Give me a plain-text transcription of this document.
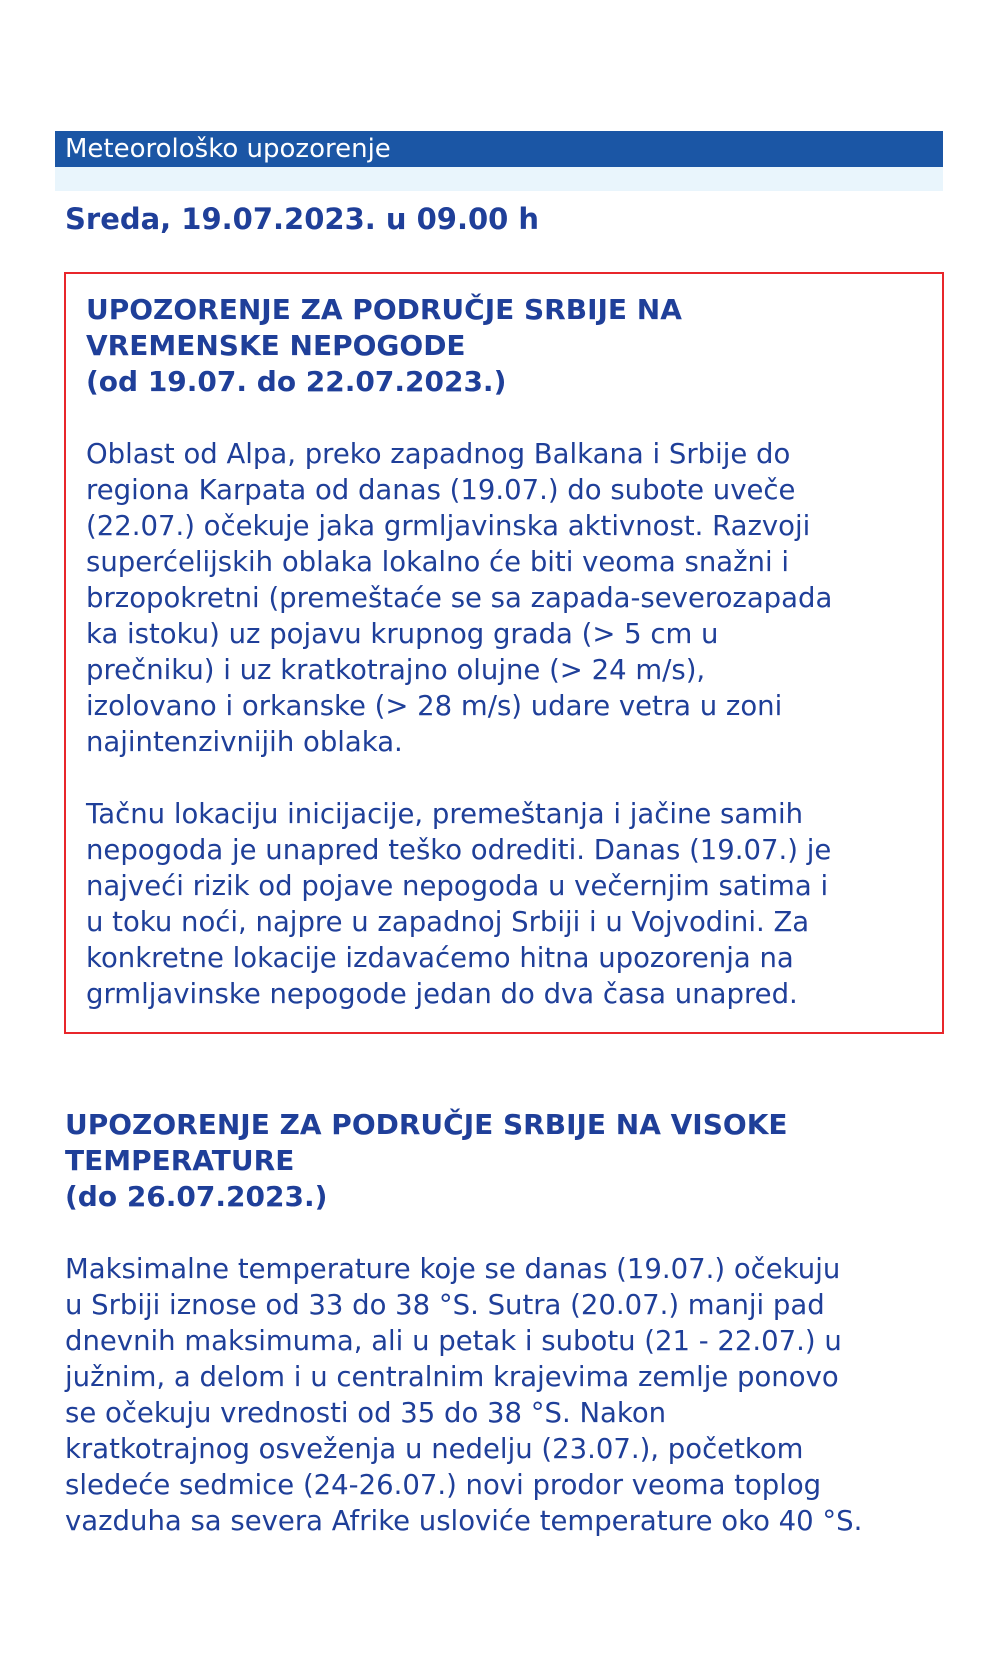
Meteorološko upozorenje
Sreda, 19.07.2023. u 09.00 h
UPOZORENJE ZA PODRUČJE SRBIJE NA
VREMENSKE NEPOGODE
(od 19.07. do 22.07.2023.)

Oblast od Alpa, preko zapadnog Balkana i Srbije do
regiona Karpata od danas (19.07.) do subote uveče
(22.07.) očekuje jaka grmljavinska aktivnost. Razvoji
superćelijskih oblaka lokalno će biti veoma snažni i
brzopokretni (premeštaće se sa zapada-severozapada
ka istoku) uz pojavu krupnog grada (> 5 cm u
prečniku) i uz kratkotrajno olujne (> 24 m/s),
izolovano i orkanske (> 28 m/s) udare vetra u zoni
najintenzivnijih oblaka.

Tačnu lokaciju inicijacije, premeštanja i jačine samih
nepogoda je unapred teško odrediti. Danas (19.07.) je
najveći rizik od pojave nepogoda u večernjim satima i
u toku noći, najpre u zapadnoj Srbiji i u Vojvodini. Za
konkretne lokacije izdavaćemo hitna upozorenja na
grmljavinske nepogode jedan do dva časa unapred.

UPOZORENJE ZA PODRUČJE SRBIJE NA VISOKE
TEMPERATURE
(do 26.07.2023.)

Maksimalne temperature koje se danas (19.07.) očekuju
u Srbiji iznose od 33 do 38 °S. Sutra (20.07.) manji pad
dnevnih maksimuma, ali u petak i subotu (21 - 22.07.) u
južnim, a delom i u centralnim krajevima zemlje ponovo
se očekuju vrednosti od 35 do 38 °S. Nakon
kratkotrajnog osveženja u nedelju (23.07.), početkom
sledeće sedmice (24-26.07.) novi prodor veoma toplog
vazduha sa severa Afrike usloviće temperature oko 40 °S.
